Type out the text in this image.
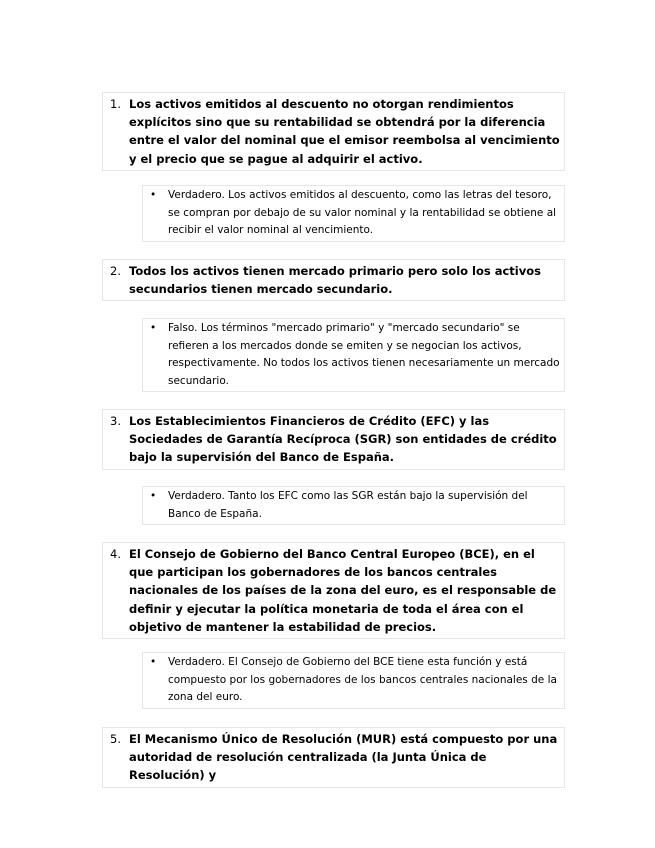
1. Los activos emitidos al descuento no otorgan rendimientos explícitos sino que su rentabilidad se obtendrá por la diferencia entre el valor del nominal que el emisor reembolsa al vencimiento y el precio que se pague al adquirir el activo.
• Verdadero. Los activos emitidos al descuento, como las letras del tesoro, se compran por debajo de su valor nominal y la rentabilidad se obtiene al recibir el valor nominal al vencimiento.
2. Todos los activos tienen mercado primario pero solo los activos secundarios tienen mercado secundario.
• Falso. Los términos "mercado primario" y "mercado secundario" se refieren a los mercados donde se emiten y se negocian los activos, respectivamente. No todos los activos tienen necesariamente un mercado secundario.
3. Los Establecimientos Financieros de Crédito (EFC) y las Sociedades de Garantía Recíproca (SGR) son entidades de crédito bajo la supervisión del Banco de España.
• Verdadero. Tanto los EFC como las SGR están bajo la supervisión del Banco de España.
4. El Consejo de Gobierno del Banco Central Europeo (BCE), en el que participan los gobernadores de los bancos centrales nacionales de los países de la zona del euro, es el responsable de definir y ejecutar la política monetaria de toda el área con el objetivo de mantener la estabilidad de precios.
• Verdadero. El Consejo de Gobierno del BCE tiene esta función y está compuesto por los gobernadores de los bancos centrales nacionales de la zona del euro.
5. El Mecanismo Único de Resolución (MUR) está compuesto por una autoridad de resolución centralizada (la Junta Única de Resolución) y
